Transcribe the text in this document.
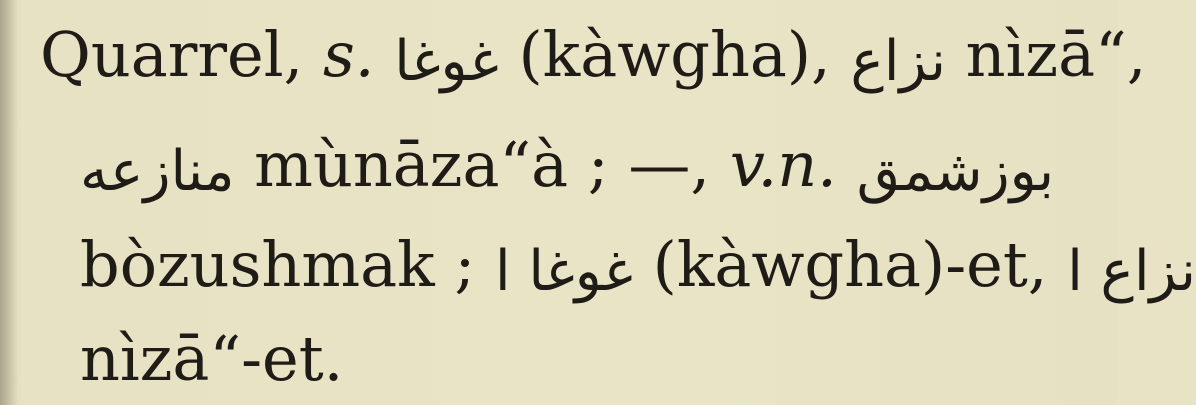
Quarrel, s. غوغا (kàwgha), نزاع nìzā“,
منازعه mùnāza“à ; —, v.n. بوزشمق
bòzushmak ; غوغا ا (kàwgha)-et, نزاع ا
nìzā“-et.
